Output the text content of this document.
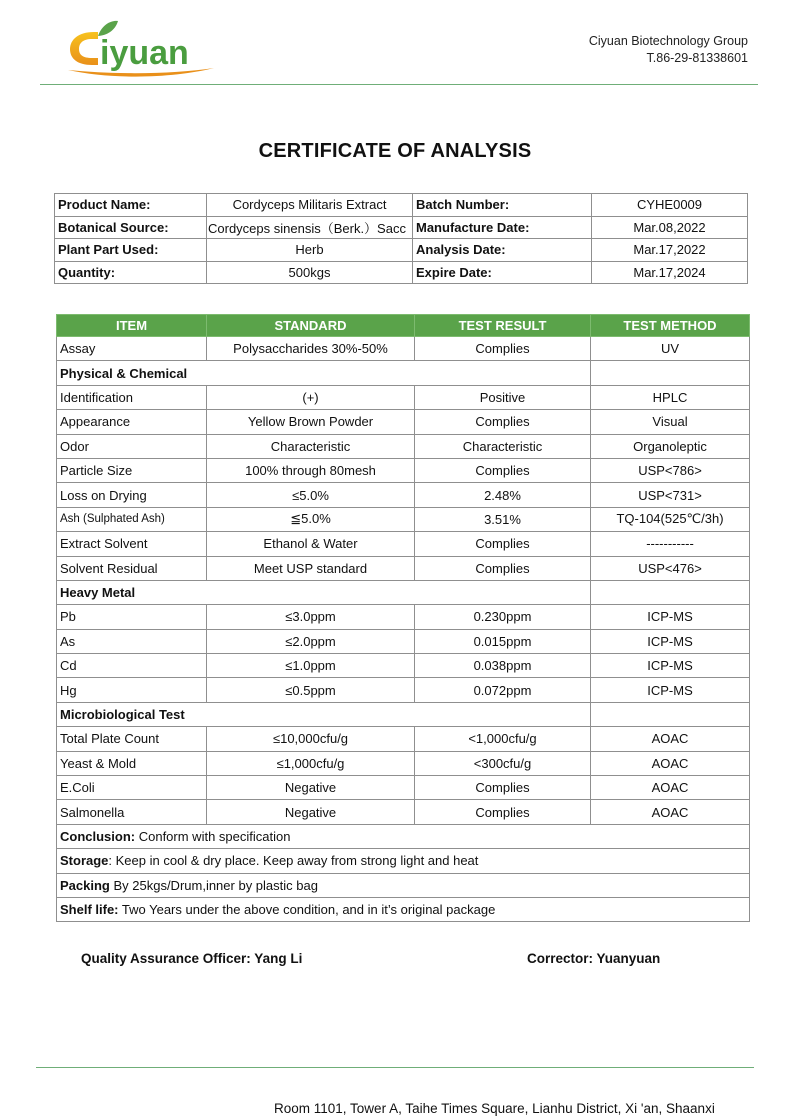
iyuan	Ciyuan Biotechnology Group
T.86-29-81338601
CERTIFICATE OF ANALYSIS
Product Name:	Cordyceps Militaris Extract	Batch Number:	CYHE0009
Botanical Source:	Cordyceps sinensis（Berk.）Sacc	Manufacture Date:	Mar.08,2022
Plant Part Used:	Herb	Analysis Date:	Mar.17,2022
Quantity:	500kgs	Expire Date:	Mar.17,2024
ITEM	STANDARD	TEST RESULT	TEST METHOD
Assay	Polysaccharides 30%-50%	Complies	UV
Physical & Chemical			
Identification	(+)	Positive	HPLC
Appearance	Yellow Brown Powder	Complies	Visual
Odor	Characteristic	Characteristic	Organoleptic
Particle Size	100% through 80mesh	Complies	USP<786>
Loss on Drying	≤5.0%	2.48%	USP<731>
Ash (Sulphated Ash)	≦5.0%	3.51%	TQ-104(525℃/3h)
Extract Solvent	Ethanol & Water	Complies	-----------
Solvent Residual	Meet USP standard	Complies	USP<476>
Heavy Metal			
Pb	≤3.0ppm	0.230ppm	ICP-MS
As	≤2.0ppm	0.015ppm	ICP-MS
Cd	≤1.0ppm	0.038ppm	ICP-MS
Hg	≤0.5ppm	0.072ppm	ICP-MS
Microbiological Test			
Total Plate Count	≤10,000cfu/g	<1,000cfu/g	AOAC
Yeast & Mold	≤1,000cfu/g	<300cfu/g	AOAC
E.Coli	Negative	Complies	AOAC
Salmonella	Negative	Complies	AOAC
Conclusion: Conform with specification			
Storage: Keep in cool & dry place. Keep away from strong light and heat			
Packing By 25kgs/Drum,inner by plastic bag			
Shelf life: Two Years under the above condition, and in it’s original package			
Quality Assurance Officer: Yang Li	Corrector: Yuanyuan
Room 1101, Tower A, Taihe Times Square, Lianhu District, Xi 'an, Shaanxi
